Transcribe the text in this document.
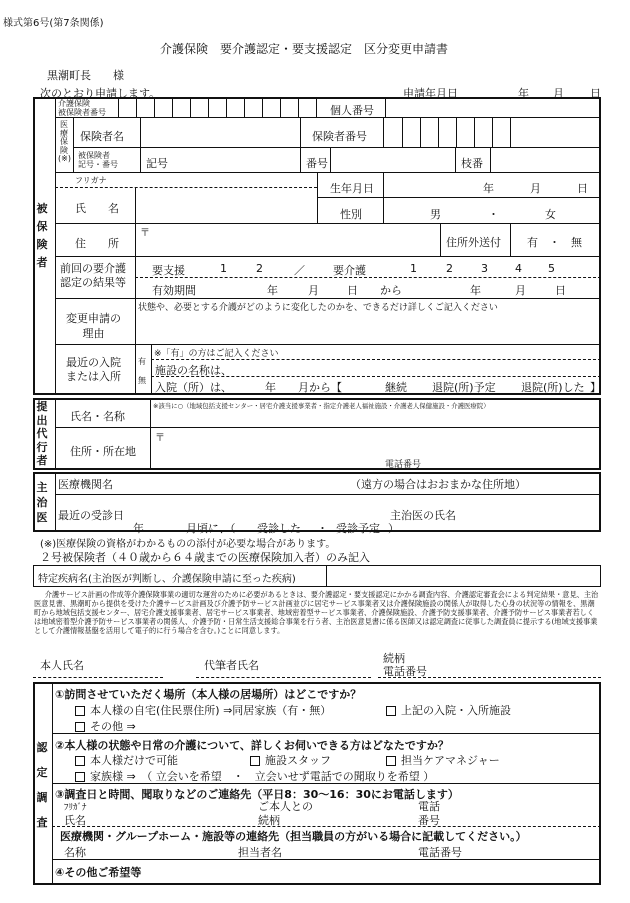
様式第6号(第7条関係)
介護保険　要介護認定・要支援認定　区分変更申請書
黒潮町長　　様
次のとおり申請します。	申請年月日	年 月 日
被
保
険
者
介護保険
被保険者番号	個人番号
医
療
保
険
(※)
保険者名	保険者番号
被保険者
記号・番号	記号	番号	枝番
フリガナ
氏　　名
生年月日	年	月	日
性別	男	・	女
住　　所
〒
住所外送付 有　・　無
前回の要介護
認定の結果等
要支援	1	2	／	要介護	1	2	3 4 5
有効期間	年	月	日 から	年	月	日
変更申請の
理由
状態や、必要とする介護がどのように変化したのかを、できるだけ詳しくご記入ください
最近の入院
または入所
有
無
※「有」の方はご記入ください
施設の名称は、
入院（所）は、	年 月から【	継続 退院(所)予定 退院(所)した 】
提
出
代
行
者
氏名・名称
※該当に○（地域包括支援センター・居宅介護支援事業者・指定介護老人福祉施設・介護老人保健施設・介護医療院）
住所・所在地
〒
電話番号
主
治
医
医療機関名	（遠方の場合はおおまかな住所地）
最近の受診日	主治医の氏名
年	月頃に、（ 受診した ・ 受診予定 ）
(※)医療保険の資格がわかるものの添付が必要な場合があります。
２号被保険者（４０歳から６４歳までの医療保険加入者）のみ記入
特定疾病名(主治医が判断し、介護保険申請に至った疾病)
介護サービス計画の作成等介護保険事業の適切な運営のために必要があるときは、要介護認定・要支援認定にかかる調査内容、介護認定審査会による判定結果・意見、主治医意見書、黒潮町から提供を受けた介護サービス計画及び介護予防サービス計画並びに居宅サービス事業者又は介護保険施設の関係人が取得した心身の状況等の情報を、黒潮町から地域包括支援センター、居宅介護支援事業者、居宅サービス事業者、地域密着型サービス事業者、介護保険施設、介護予防支援事業者、介護予防サービス事業者若しくは地域密着型介護予防サービス事業者の関係人、介護予防・日常生活支援総合事業を行う者、主治医意見書に係る医師又は認定調査に従事した調査員に提示する(地域支援事業として介護情報基盤を活用して電子的に行う場合を含む。)ことに同意します。
本人氏名	代筆者氏名
続柄
電話番号
認
定
調
査
①訪問させていただく場所（本人様の居場所）はどこですか？
本人様の自宅(住民票住所) ⇒同居家族（有・無）	上記の入院・入所施設
その他 ⇒
②本人様の状態や日常の介護について、詳しくお伺いできる方はどなたですか？
本人様だけで可能	施設スタッフ	担当ケアマネジャー
家族様 ⇒　（ 立会いを希望　・　立会いせず電話での聞取りを希望 ）
③調査日と時間、聞取りなどのご連絡先（平日8：30～16：30にお電話します）
ﾌﾘｶﾞﾅ	ご本人との	電話
氏名	続柄	番号
医療機関・グループホーム・施設等の連絡先（担当職員の方がいる場合に記載してください。）
名称	担当者名	電話番号
④その他ご希望等
